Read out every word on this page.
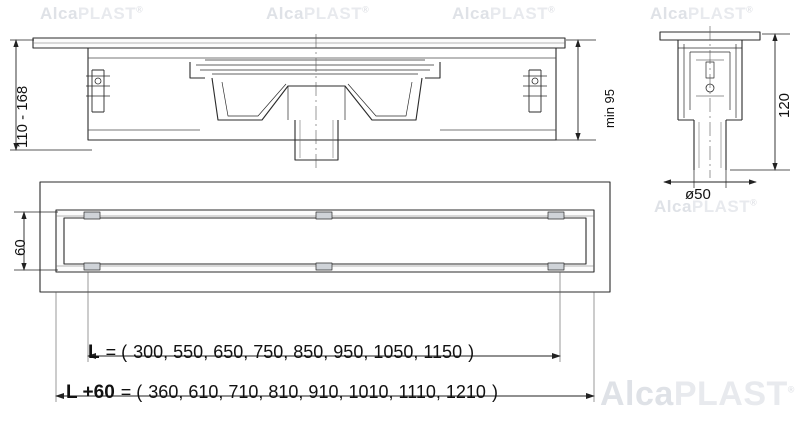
AlcaPLAST®	AlcaPLAST®	AlcaPLAST®	AlcaPLAST®
AlcaPLAST®
AlcaPLAST®
110 - 168	min 95	120
ø50
60
L = ( 300, 550, 650, 750, 850, 950, 1050, 1150 )
L +60 = ( 360, 610, 710, 810, 910, 1010, 1110, 1210 )
